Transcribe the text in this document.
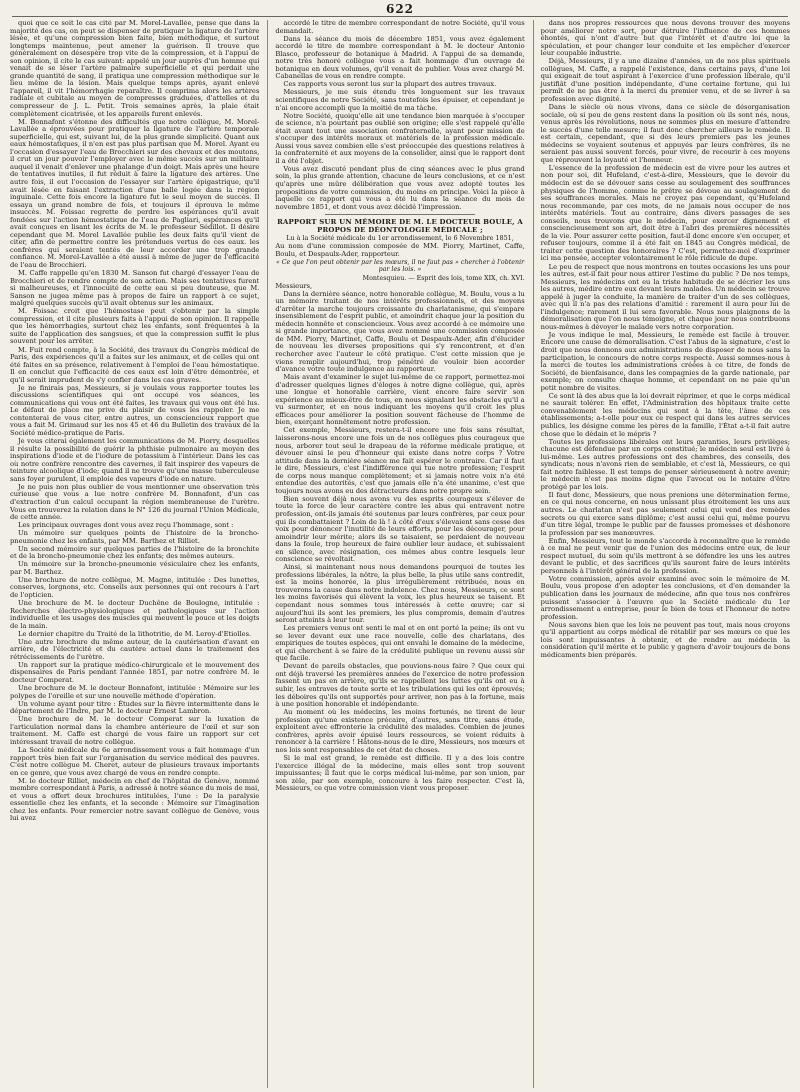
622

quoi que ce soit le cas cité par M. Morel-Lavallée, pense que dans la majorité des cas, on peut se dispenser de pratiquer la ligature de l'artère lésée, et qu'une compression bien faite, bien méthodique, et surtout longtemps maintenue, peut amener la guérison. Il trouve que généralement on désespère trop vite de la compression, et à l'appui de son opinion, il cite le cas suivant: appelé un jour auprès d'un homme qui venait de se léser l'artère palmaire superficielle et qui perdait une grande quantité de sang, il pratiqua une compression méthodique sur le lieu même de la lésion. Mais quelque temps après, ayant enlevé l'appareil, il vit l'hémorrhagie reparaître. Il comprima alors les artères radiale et cubitale au moyen de compresses graduées, d'attelles et du compresseur de J. L. Petit. Trois semaines après, la plaie était complètement cicatrisée, et les appareils furent enlevés.

M. Bonnafont s'étonne des difficultés que notre collègue, M. Morel-Lavallée a éprouvées pour pratiquer la ligature de l'artère temporale superficielle, qui est, suivant lui, de la plus grande simplicité. Quant aux eaux hémostatiques, il n'en est pas plus partisan que M. Morel. Ayant eu l'occasion d'essayer l'eau de Brocchieri sur des chevaux et des moutons, il crut un jour pouvoir l'employer avec le même succès sur un militaire auquel il venait d'enlever une phalange d'un doigt. Mais après une heure de tentatives inutiles, il fut réduit à faire la ligature des artères. Une autre fois, il eut l'occasion de l'essayer sur l'artère épigastrique, qu'il avait lésée en faisant l'extraction d'une balle logée dans la région inguinale. Cette fois encore la ligature fut le seul moyen de succès. Il essaya un grand nombre de fois, et toujours il éprouva le même insuccès. M. Foissac regrette de perdre les espérances qu'il avait fondées sur l'action hémostatique de l'eau de Pagliari, espérances qu'il avait conçues en lisant les écrits de M. le professeur Sédillot. Il désire cependant que M. Morel Lavallée publie les deux faits qu'il vient de citer, afin de permettre contre les prétendues vertus de ces eaux. les confrères qui seraient tentés de leur accorder une trop grande confiance. M. Morel-Lavallée a été aussi à même de juger de l'efficacité de l'eau de Brocchieri.

M. Caffe rappelle qu'en 1830 M. Sanson fut chargé d'essayer l'eau de Brocchieri et de rendre compte de son action. Mais ses tentatives furent si malheureuses, et l'innocuité de cette eau si peu douteuse, que M. Sanson ne jugea même pas à propos de faire un rapport à ce sujet, malgré quelques succès qu'il avait obtenus sur les animaux.

M. Foissac croit que l'hémostase peut s'obtenir par la simple compression, et il cite plusieurs faits à l'appui de son opinion. Il rappelle que les hémorrhagies, surtout chez les enfants, sont fréquentes à la suite de l'application des sangsues, et que la compression suffit le plus souvent pour les arrêter.

M. Fuit rend compte, à la Société, des travaux du Congrès médical de Paris, des expériences qu'il a faites sur les animaux, et de celles qui ont été faites en sa présence, relativement à l'emploi de l'eau hémostatique. Il en conclut que l'efficacité de ces eaux est loin d'être démontrée, et qu'il serait imprudent de s'y confier dans les cas graves.

Je ne finirais pas, Messieurs, si je voulais vous rapporter toutes les discussions scientifiques qui ont occupé vos séances, les communications qui vous ont été faites, les travaux qui vous ont été lus. Le défaut de place me prive du plaisir de vous les rappeler. Je me contenterai de vous citer, entre autres, un consciencieux rapport que vous a fait M. Grimaud sur les nos 45 et 46 du Bulletin des travaux de la Société médico-pratique de Paris.

Je vous citerai également les communications de M. Piorry, desquelles il résulte la possibilité de guérir la phthisie pulmonaire au moyen des inspirations d'iode et de l'iodure de potassium à l'intérieur. Dans les cas où notre confrère rencontre des cavernes, il fait inspirer des vapeurs de teinture alcoolique d'iode; quand il ne trouve qu'une masse tuberculeuse sans foyer purulent, il emploie des vapeurs d'iode en nature.

Je ne puis non plus oublier de vous mentionner une observation très curieuse que vous a lue notre confrère M. Bonnafont, d'un cas d'extraction d'un calcul occupant la région membraneuse de l'urètre. Vous en trouverez la relation dans le N° 126 du journal l'Union Médicale, de cette année.

Les principaux ouvrages dont vous avez reçu l'hommage, sont :

Un mémoire sur quelques points de l'histoire de la broncho-pneumonie chez les enfants, par MM. Barthez et Rilliet.

Un second mémoire sur quelques parties de l'histoire de la bronchite et de la broncho-pneumonie chez les enfants; des mêmes auteurs.

Un mémoire sur la broncho-pneumonie vésiculaire chez les enfants, par M. Barthez.

Une brochure de notre collègue, M. Magne, intitulée : Des lunettes, conserves, lorgnons, etc. Conseils aux personnes qui ont recours à l'art de l'opticien.

Une brochure de M. le docteur Duchêne de Boulogne, intitulée : Recherches électro-physiologiques et pathologiques sur l'action individuelle et les usages des muscles qui meuvent le pouce et les doigts de la main.

Le dernier chapitre du Traité de la lithotritie, de M. Leroy-d'Etiolles.

Une autre brochure du même auteur, de la cautérisation d'avant en arrière, de l'électricité et du cautère actuel dans le traitement des rétrécissements de l'urètre.

Un rapport sur la pratique médico-chirurgicale et le mouvement des dispensaires de Paris pendant l'année 1851, par notre confrère M. le docteur Comperat.

Une brochure de M. le docteur Bonnafont, intitulée : Mémoire sur les polypes de l'oreille et sur une nouvelle méthode d'opération.

Un volume ayant pour titre : Études sur la fièvre intermittente dans le département de l'Indre, par M. le docteur Ernest Lambron.

Une brochure de M. le docteur Comperat sur la luxation de l'articulation normal dans la chambre antérieure de l'œil et sur son traitement. M. Caffe est chargé de vous faire un rapport sur cet intéressant travail de notre collègue.

La Société médicale du 6e arrondissement vous a fait hommage d'un rapport très bien fait sur l'organisation du service médical des pauvres. C'est notre collègue M. Cheret, auteur de plusieurs travaux importants en ce genre, que vous avez chargé de vous en rendre compte.

M. le docteur Rilliet, médecin en chef de l'hôpital de Genève, nommé membre correspondant à Paris, a adressé à notre séance du mois de mai, et vous a offert deux brochures intitulées, l'une : De la paralysie essentielle chez les enfants, et la seconde : Mémoire sur l'imagination chez les enfants. Pour remercier notre savant collègue de Genève, vous lui avez

accordé le titre de membre correspondant de notre Société, qu'il vous demandait.

Dans la séance du mois de décembre 1851, vous avez également accordé le titre de membre correspondant à M. le docteur Antonio Blasco, professeur de botanique à Madrid. A l'appui de sa demande, notre très honoré collègue vous a fait hommage d'un ouvrage de botanique en deux volumes, qu'il venait de publier. Vous avez chargé M. Cabanellas de vous en rendre compte.

Ces rapports vous seront lus sur la plupart des autres travaux.

Messieurs, je me suis étendu très longuement sur les travaux scientifiques de notre Société, sans toutefois les épuiser, et cependant je n'ai encore accompli que la moitié de ma tâche.

Notre Société, quoiqu'elle ait une tendance bien marquée à s'occuper de science, n'a pourtant pas oublié son origine; elle s'est rappelé qu'elle était avant tout une association confraternelle, ayant pour mission de s'occuper des intérêts moraux et matériels de la profession médicale. Aussi vous savez combien elle s'est préoccupée des questions relatives à la confraternité et aux moyens de la consolider, ainsi que le rapport dont il a été l'objet.

Vous avez discuté pendant plus de cinq séances avec le plus grand soin, la plus grande attention, chacune de leurs conclusions, et ce n'est qu'après une mûre délibération que vous avez adopté toutes les propositions de votre commission, du moins en principe. Voici la pièce à laquelle ce rapport qui vous a été lu dans la séance du mois de novembre 1851, et dont vous avez décidé l'impression.

RAPPORT SUR UN MÉMOIRE DE M. LE DOCTEUR BOULE, A PROPOS DE DÉONTOLOGIE MÉDICALE ;

Lu à la Société médicale du 1er arrondissement, le 6 Novembre 1851,

Au nom d'une commission composée de MM. Piorry, Martinet, Caffe, Boulu, et Despaulx-Ader, rapporteur.

« Ce que l'on peut obtenir par les mœurs, il ne faut pas » chercher à l'obtenir par les lois. »

Montesquieu. — Esprit des lois, tome XIX, ch. XVI.

Messieurs,

Dans la dernière séance, notre honorable collègue, M. Boulu, vous a lu un mémoire traitant de nos intérêts professionnels, et des moyens d'arrêter la marche toujours croissante du charlatanisme, qui s'empare insensiblement de l'esprit public, et amoindrit chaque jour la position du médecin honnête et consciencieux. Vous avez accordé à ce mémoire une si grande importance, que vous avez nommé une commission composée de MM. Piorry, Martinet, Caffe, Boulu et Despaulx-Ader, afin d'élucider de nouveau les diverses propositions qui s'y rencontrent, et d'en rechercher avec l'auteur le côté pratique. C'est cette mission que je viens remplir aujourd'hui, trop pénétré de vouloir bien accorder d'avance votre toute indulgence au rapporteur.

Mais avant d'examiner le sujet lui-même de ce rapport, permettez-moi d'adresser quelques lignes d'éloges à notre digne collègue, qui, après une longue et honorable carrière, vient encore faire servir son expérience au mieux-être de tous, en nous signalant les obstacles qu'il a vu surmonter, et en nous indiquant les moyens qu'il croit les plus efficaces pour améliorer la position souvent fâcheuse de l'homme de bien, exerçant honnêtement notre profession.

Cet exemple, Messieurs, restera-t-il encore une fois sans résultat, laisserons-nous encore une fois un de nos collègues plus courageux que nous, arborer tout seul le drapeau de la réforme médicale pratique, et dévouer ainsi le peu d'honneur qui existe dans notre corps ? Votre attitude dans la dernière séance me fait espérer le contraire. Car il faut le dire, Messieurs, c'est l'indifférence qui tue notre profession; l'esprit de corps nous manque complètement; et si jamais notre voix n'a été entendue des autorités, c'est que jamais elle n'a été unanime, c'est que toujours nous avons eu des détracteurs dans notre propre sein.

Bien souvent déjà nous avons vu des esprits courageux s'élever de toute la force de leur caractère contre les abus qui entravent notre profession, ont-ils jamais été soutenus par leurs confrères, par ceux pour qui ils combattaient ? Loin de là ! à côté d'eux s'élevaient sans cesse des voix pour dénoncer l'inutilité de leurs efforts, pour les décourager, pour amoindrir leur mérite; alors ils se taisaient, se perdaient de nouveau dans la foule, trop heureux de faire oublier leur audace, et subissaient en silence, avec résignation, ces mêmes abus contre lesquels leur conscience se révoltait.

Ainsi, si maintenant nous nous demandons pourquoi de toutes les professions libérales, la nôtre, la plus belle, la plus utile sans contredit, est la moins honorée, la plus irrégulièrement rétribuée, nous en trouverons la cause dans notre indolence. Chez nous, Messieurs, ce sont les moins favorisés qui élèvent la voix, les plus heureux se taisent. Et cependant nous sommes tous intéressés à cette œuvre; car si aujourd'hui ils sont les premiers, les plus compromis, demain d'autres seront atteints à leur tour.

Les premiers venus ont senti le mal et en ont porté la peine; ils ont vu se lever devant eux une race nouvelle, celle des charlatans, des empiriques de toutes espèces, qui ont envahi le domaine de la médecine, et qui cherchent à se faire de la crédulité publique un revenu aussi sûr que facile.

Devant de pareils obstacles, que pouvions-nous faire ? Que ceux qui ont déjà traversé les premières années de l'exercice de notre profession fassent un pas en arrière, qu'ils se rappellent les luttes qu'ils ont eu à subir, les entraves de toute sorte et les tribulations qui les ont éprouvés; les déboires qu'ils ont supportés pour arriver, non pas à la fortune, mais à une position honorable et indépendante.

Au moment où les médecins, les moins fortunés, ne tirent de leur profession qu'une existence précaire, d'autres, sans titre, sans étude, exploitent avec effronterie la crédulité des malades. Combien de jeunes confrères, après avoir épuisé leurs ressources, se voient réduits à renoncer à la carrière ! Hâtons-nous de le dire, Messieurs, nos mœurs et nos lois sont responsables de cet état de choses.

Si le mal est grand, le remède est difficile. Il y a des lois contre l'exercice illégal de la médecine, mais elles sont trop souvent impuissantes; il faut que le corps médical lui-même, par son union, par son zèle, par son exemple, concoure à les faire respecter. C'est là, Messieurs, ce que votre commission vient vous proposer.

dans nos propres ressources que nous devons trouver des moyens pour améliorer notre sort, pour détruire l'influence de ces hommes éhontés, qui n'ont d'autre but que l'intérêt et d'autre loi que la spéculation, et pour changer leur conduite et les empêcher d'exercer leur coupable industrie.

Déjà, Messieurs, il y a une dizaine d'années, un de nos plus spirituels collègues, M. Caffe, a rappelé l'existence, dans certains pays, d'une loi qui exigeait de tout aspirant à l'exercice d'une profession libérale, qu'il justifiât d'une position indépendante, d'une certaine fortune, qui lui permît de ne pas être à la merci du premier venu, et de se livrer à sa profession avec dignité.

Dans le siècle où nous vivons, dans ce siècle de désorganisation sociale, où si peu de gens restent dans la position où ils sont nés, nous, venus après les révolutions, nous ne sommes plus en mesure d'attendre le succès d'une telle mesure; il faut donc chercher ailleurs le remède. Il est certain, cependant, que si dès leurs premiers pas les jeunes médecins se voyaient soutenus et appuyés par leurs confrères, ils ne seraient pas aussi souvent forcés, pour vivre, de recourir à ces moyens que réprouvent la loyauté et l'honneur.

L'essence de la profession de médecin est de vivre pour les autres et non pour soi, dit Hufeland, c'est-à-dire, Messieurs, que le devoir du médecin est de se dévouer sans cesse au soulagement des souffrances physiques de l'homme, comme le prêtre se dévoue au soulagement de ses souffrances morales. Mais ne croyez pas cependant, qu'Hufeland nous recommande, par ces mots, de ne jamais nous occuper de nos intérêts matériels. Tout au contraire, dans divers passages de ses conseils, nous trouvons que le médecin, pour exercer dignement et consciencieusement son art, doit être à l'abri des premières nécessités de la vie. Pour assurer cette position, faut-il donc encore s'en occuper, et refuser toujours, comme il a été fait en 1845 au Congrès médical, de traiter cette question des honoraires ? C'est, permettez-moi d'exprimer ici ma pensée, accepter volontairement le rôle ridicule de dupe.

Le peu de respect que nous montrons en toutes occasions les uns pour les autres, est-il fait pour nous attirer l'estime du public ? De nos temps, Messieurs, les médecins ont eu la triste habitude de se décrier les uns les autres, médire entre eux devant leurs malades. Un médecin se trouve appelé à juger la conduite, la manière de traiter d'un de ses collègues, avec qui il n'a pas des relations d'amitié : rarement il aura pour lui de l'indulgence; rarement il lui sera favorable. Nous nous plaignons de la démoralisation que l'on nous témoigne, et chaque jour nous contribuons nous-mêmes à dévoyer le malade vers notre corporation.

Je vous indique le mal, Messieurs, le remède est facile à trouver. Encore une cause de démoralisation. C'est l'abus de la signature, c'est le droit que nous donnons aux administrations de disposer de nous sans la participation, le concours de notre corps respecté. Aussi sommes-nous à la merci de toutes les administrations créées à ce titre, de fonds de Société, de bienfaisance, dans les compagnies de la garde nationale, par exemple; on consulte chaque homme, et cependant on ne paie qu'un petit nombre de visites.

Ce sont là des abus que la loi devrait réprimer, et que le corps médical ne saurait tolérer. En effet, l'Administration des hôpitaux traite cette convenablement les médecins qui sont à la tête, l'âme de ces établissements; a-t-elle pour eux ce respect qui dans les autres services publics, les désigne comme les pères de la famille, l'État a-t-il fait autre chose que le dédain et le mépris ?

Toutes les professions libérales ont leurs garanties, leurs privilèges; chacune est défendue par un corps constitué; le médecin seul est livré à lui-même. Les autres professions ont des chambres, des conseils, des syndicats; nous n'avons rien de semblable, et c'est là, Messieurs, ce qui fait notre faiblesse. Il est temps de penser sérieusement à notre avenir; le médecin n'est pas moins digne que l'avocat ou le notaire d'être protégé par les lois.

Il faut donc, Messieurs, que nous prenions une détermination ferme, en ce qui nous concerne, en nous unissant plus étroitement les uns aux autres. Le charlatan n'est pas seulement celui qui vend des remèdes secrets ou qui exerce sans diplôme; c'est aussi celui qui, même pourvu d'un titre légal, trompe le public par de fausses promesses et déshonore la profession par ses manœuvres.

Enfin, Messieurs, tout le monde s'accorde à reconnaître que le remède à ce mal ne peut venir que de l'union des médecins entre eux, de leur respect mutuel, du soin qu'ils mettront à se défendre les uns les autres devant le public, et des sacrifices qu'ils sauront faire de leurs intérêts personnels à l'intérêt général de la profession.

Votre commission, après avoir examiné avec soin le mémoire de M. Boulu, vous propose d'en adopter les conclusions, et d'en demander la publication dans les journaux de médecine, afin que tous nos confrères puissent s'associer à l'œuvre que la Société médicale du 1er arrondissement a entreprise, pour le bien de tous et l'honneur de notre profession.

Nous savons bien que les lois ne peuvent pas tout, mais nous croyons qu'il appartient au corps médical de rétablir par ses mœurs ce que les lois sont impuissantes à obtenir, et de rendre au médecin la considération qu'il mérite et le public y gagnera d'avoir toujours de bons médicaments bien préparés.
